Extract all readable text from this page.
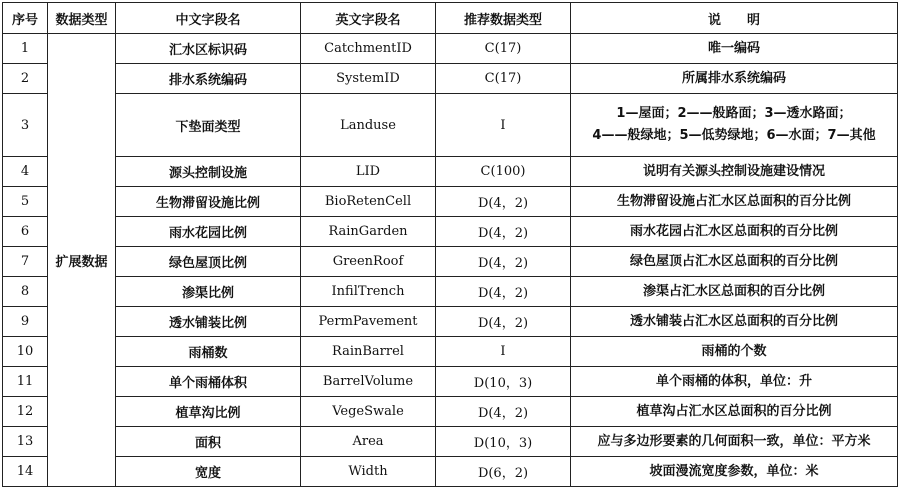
序号	数据类型	中文字段名	英文字段名	推荐数据类型	说　　明
1	扩展数据	汇水区标识码	CatchmentID	C(17)	唯一编码

2		排水系统编码	SystemID	C(17)	所属排水系统编码

3		下垫面类型	Landuse	I	1—屋面；2——般路面；3—透水路面；
4——般绿地；5—低势绿地；6—水面；7—其他

4		源头控制设施	LID	C(100)	说明有关源头控制设施建设情况

5		生物滞留设施比例	BioRetenCell	D(4，2)	生物滞留设施占汇水区总面积的百分比例

6		雨水花园比例	RainGarden	D(4，2)	雨水花园占汇水区总面积的百分比例

7		绿色屋顶比例	GreenRoof	D(4，2)	绿色屋顶占汇水区总面积的百分比例

8		渗渠比例	InfilTrench	D(4，2)	渗渠占汇水区总面积的百分比例

9		透水铺装比例	PermPavement	D(4，2)	透水铺装占汇水区总面积的百分比例

10		雨桶数	RainBarrel	I	雨桶的个数

11		单个雨桶体积	BarrelVolume	D(10，3)	单个雨桶的体积，单位：升

12		植草沟比例	VegeSwale	D(4，2)	植草沟占汇水区总面积的百分比例

13		面积	Area	D(10，3)	应与多边形要素的几何面积一致，单位：平方米

14		宽度	Width	D(6，2)	坡面漫流宽度参数，单位：米
